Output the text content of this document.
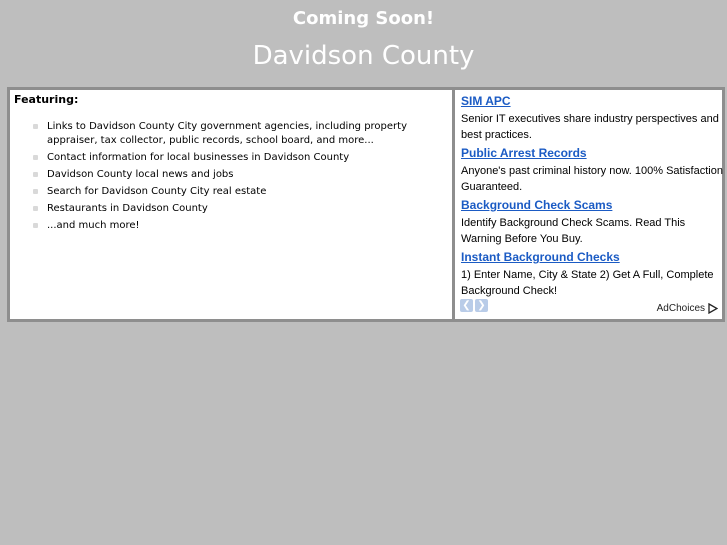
Coming Soon!
Davidson County
Featuring:
Links to Davidson County City government agencies, including property appraiser, tax collector, public records, school board, and more...
Contact information for local businesses in Davidson County
Davidson County local news and jobs
Search for Davidson County City real estate
Restaurants in Davidson County
...and much more!
SIM APC
Senior IT executives share industry perspectives and best practices.
Public Arrest Records
Anyone's past criminal history now. 100% Satisfaction Guaranteed.
Background Check Scams
Identify Background Check Scams. Read This Warning Before You Buy.
Instant Background Checks
1) Enter Name, City & State 2) Get A Full, Complete Background Check!
❮ ❯	AdChoices
